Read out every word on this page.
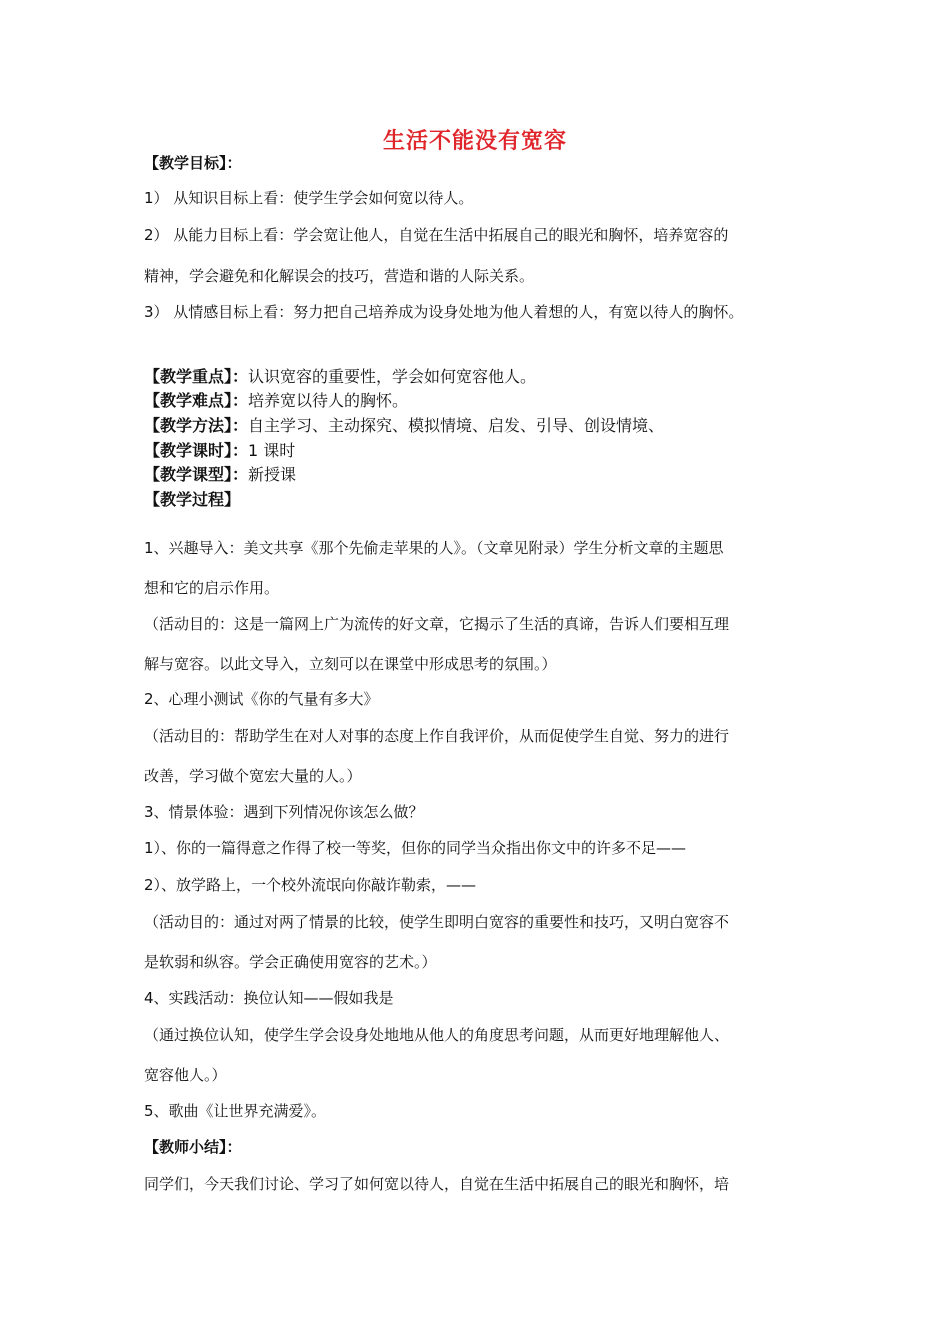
生活不能没有宽容
【教学目标】：
1） 从知识目标上看：使学生学会如何宽以待人。
2） 从能力目标上看：学会宽让他人，自觉在生活中拓展自己的眼光和胸怀，培养宽容的
精神，学会避免和化解误会的技巧，营造和谐的人际关系。
3） 从情感目标上看：努力把自己培养成为设身处地为他人着想的人，有宽以待人的胸怀。
【教学重点】：认识宽容的重要性，学会如何宽容他人。
【教学难点】：培养宽以待人的胸怀。
【教学方法】：自主学习、主动探究、模拟情境、启发、引导、创设情境、
【教学课时】：1 课时
【教学课型】：新授课
【教学过程】
1、兴趣导入：美文共享《那个先偷走苹果的人》。（文章见附录）学生分析文章的主题思
想和它的启示作用。
（活动目的：这是一篇网上广为流传的好文章，它揭示了生活的真谛，告诉人们要相互理
解与宽容。以此文导入，立刻可以在课堂中形成思考的氛围。）
2、心理小测试《你的气量有多大》
（活动目的：帮助学生在对人对事的态度上作自我评价，从而促使学生自觉、努力的进行
改善，学习做个宽宏大量的人。）
3、情景体验：遇到下列情况你该怎么做？
1）、你的一篇得意之作得了校一等奖，但你的同学当众指出你文中的许多不足——
2）、放学路上，一个校外流氓向你敲诈勒索，——
（活动目的：通过对两了情景的比较，使学生即明白宽容的重要性和技巧，又明白宽容不
是软弱和纵容。学会正确使用宽容的艺术。）
4、实践活动：换位认知——假如我是
（通过换位认知，使学生学会设身处地地从他人的角度思考问题，从而更好地理解他人、
宽容他人。）
5、歌曲《让世界充满爱》。
【教师小结】：
同学们，今天我们讨论、学习了如何宽以待人，自觉在生活中拓展自己的眼光和胸怀，培
